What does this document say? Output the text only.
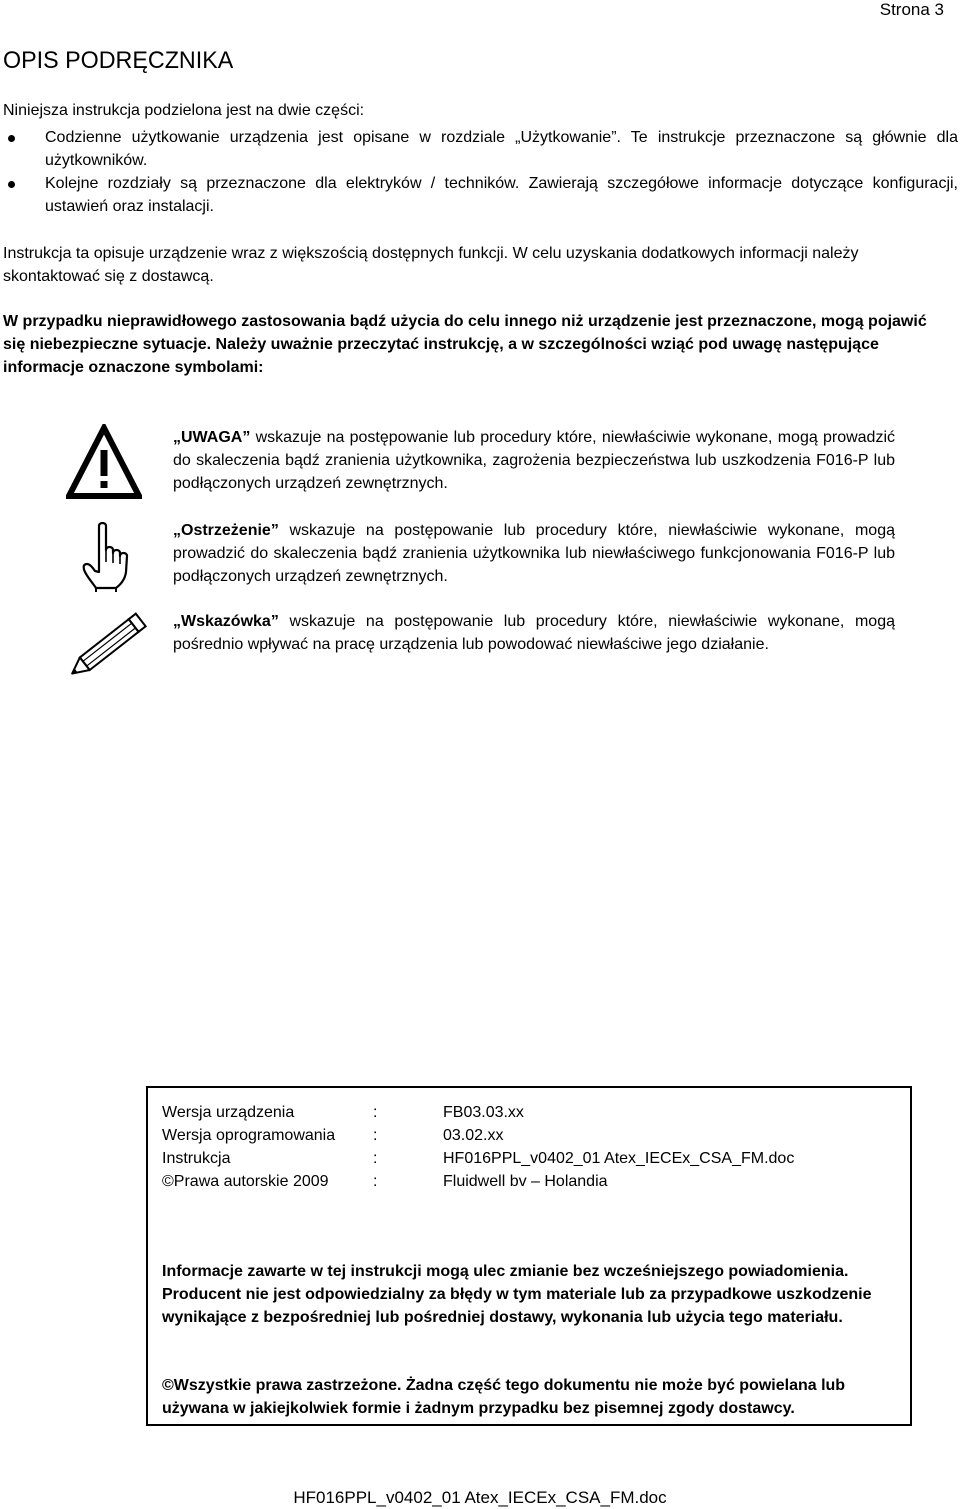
Strona 3
OPIS PODRĘCZNIKA
Niniejsza instrukcja podzielona jest na dwie części:
Codzienne użytkowanie urządzenia jest opisane w rozdziale „Użytkowanie”. Te instrukcje przeznaczone są głównie dla użytkowników.
Kolejne rozdziały są przeznaczone dla elektryków / techników. Zawierają szczegółowe informacje dotyczące konfiguracji, ustawień oraz instalacji.
Instrukcja ta opisuje urządzenie wraz z większością dostępnych funkcji. W celu uzyskania dodatkowych informacji należy skontaktować się z dostawcą.
W przypadku nieprawidłowego zastosowania bądź użycia do celu innego niż urządzenie jest przeznaczone, mogą pojawić się niebezpieczne sytuacje. Należy uważnie przeczytać instrukcję, a w szczególności wziąć pod uwagę następujące informacje oznaczone symbolami:
„UWAGA” wskazuje na postępowanie lub procedury które, niewłaściwie wykonane, mogą prowadzić do skaleczenia bądź zranienia użytkownika, zagrożenia bezpieczeństwa lub uszkodzenia F016-P lub podłączonych urządzeń zewnętrznych.
„Ostrzeżenie” wskazuje na postępowanie lub procedury które, niewłaściwie wykonane, mogą prowadzić do skaleczenia bądź zranienia użytkownika lub niewłaściwego funkcjonowania F016-P lub podłączonych urządzeń zewnętrznych.
„Wskazówka” wskazuje na postępowanie lub procedury które, niewłaściwie wykonane, mogą pośrednio wpływać na pracę urządzenia lub powodować niewłaściwe jego działanie.
Wersja urządzenia	:	FB03.03.xx
Wersja oprogramowania :	03.02.xx
Instrukcja	:	HF016PPL_v0402_01 Atex_IECEx_CSA_FM.doc
©Prawa autorskie 2009	:	Fluidwell bv – Holandia
Informacje zawarte w tej instrukcji mogą ulec zmianie bez wcześniejszego powiadomienia. Producent nie jest odpowiedzialny za błędy w tym materiale lub za przypadkowe uszkodzenie wynikające z bezpośredniej lub pośredniej dostawy, wykonania lub użycia tego materiału.
©Wszystkie prawa zastrzeżone. Żadna część tego dokumentu nie może być powielana lub używana w jakiejkolwiek formie i żadnym przypadku bez pisemnej zgody dostawcy.
HF016PPL_v0402_01 Atex_IECEx_CSA_FM.doc
